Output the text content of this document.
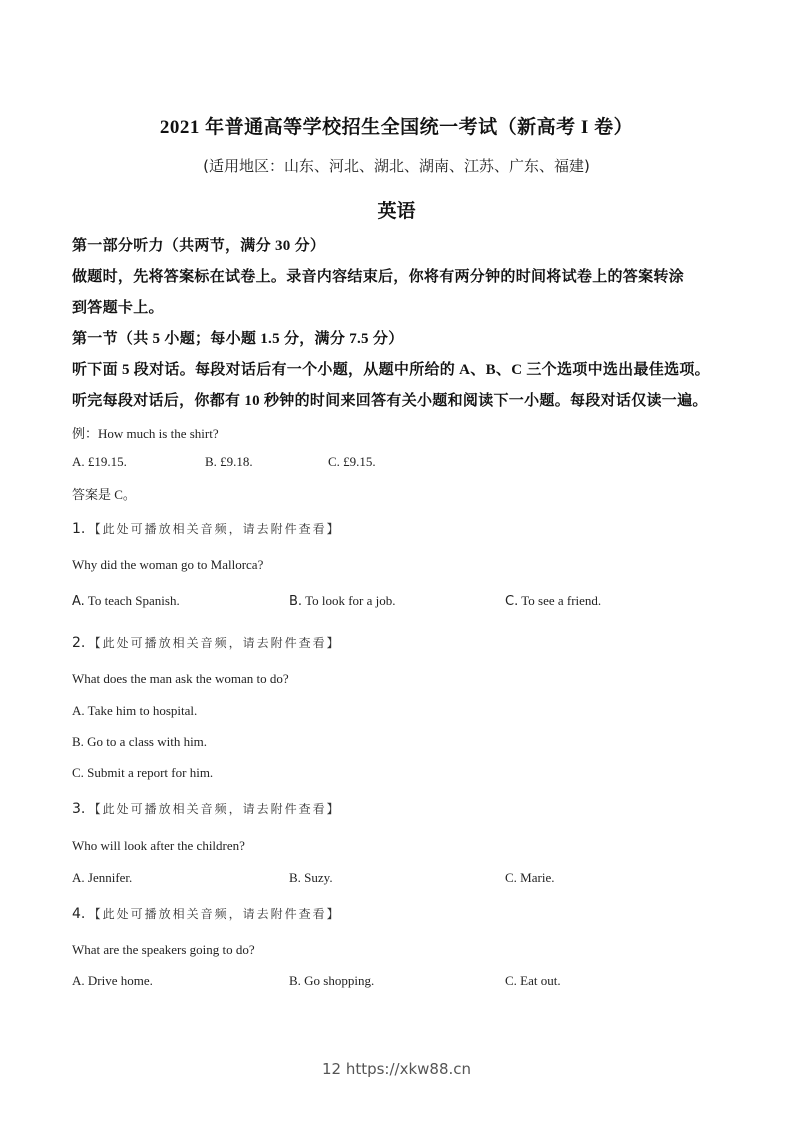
2021 年普通高等学校招生全国统一考试（新高考 I 卷）
(适用地区：山东、河北、湖北、湖南、江苏、广东、福建)
英语
第一部分听力（共两节，满分 30 分）
做题时，先将答案标在试卷上。录音内容结束后，你将有两分钟的时间将试卷上的答案转涂
到答题卡上。
第一节（共 5 小题；每小题 1.5 分，满分 7.5 分）
听下面 5 段对话。每段对话后有一个小题，从题中所给的 A、B、C 三个选项中选出最佳选项。
听完每段对话后，你都有 10 秒钟的时间来回答有关小题和阅读下一小题。每段对话仅读一遍。
例：How much is the shirt?
A. £19.15.	B. £9.18.	C. £9.15.
答案是 C。
1. 【此处可播放相关音频，请去附件查看】
Why did the woman go to Mallorca?
A. To teach Spanish.	B. To look for a job.	C. To see a friend.
2. 【此处可播放相关音频，请去附件查看】
What does the man ask the woman to do?
A. Take him to hospital.
B. Go to a class with him.
C. Submit a report for him.
3. 【此处可播放相关音频，请去附件查看】
Who will look after the children?
A. Jennifer.	B. Suzy.	C. Marie.
4. 【此处可播放相关音频，请去附件查看】
What are the speakers going to do?
A. Drive home.	B. Go shopping.	C. Eat out.
12 https://xkw88.cn
